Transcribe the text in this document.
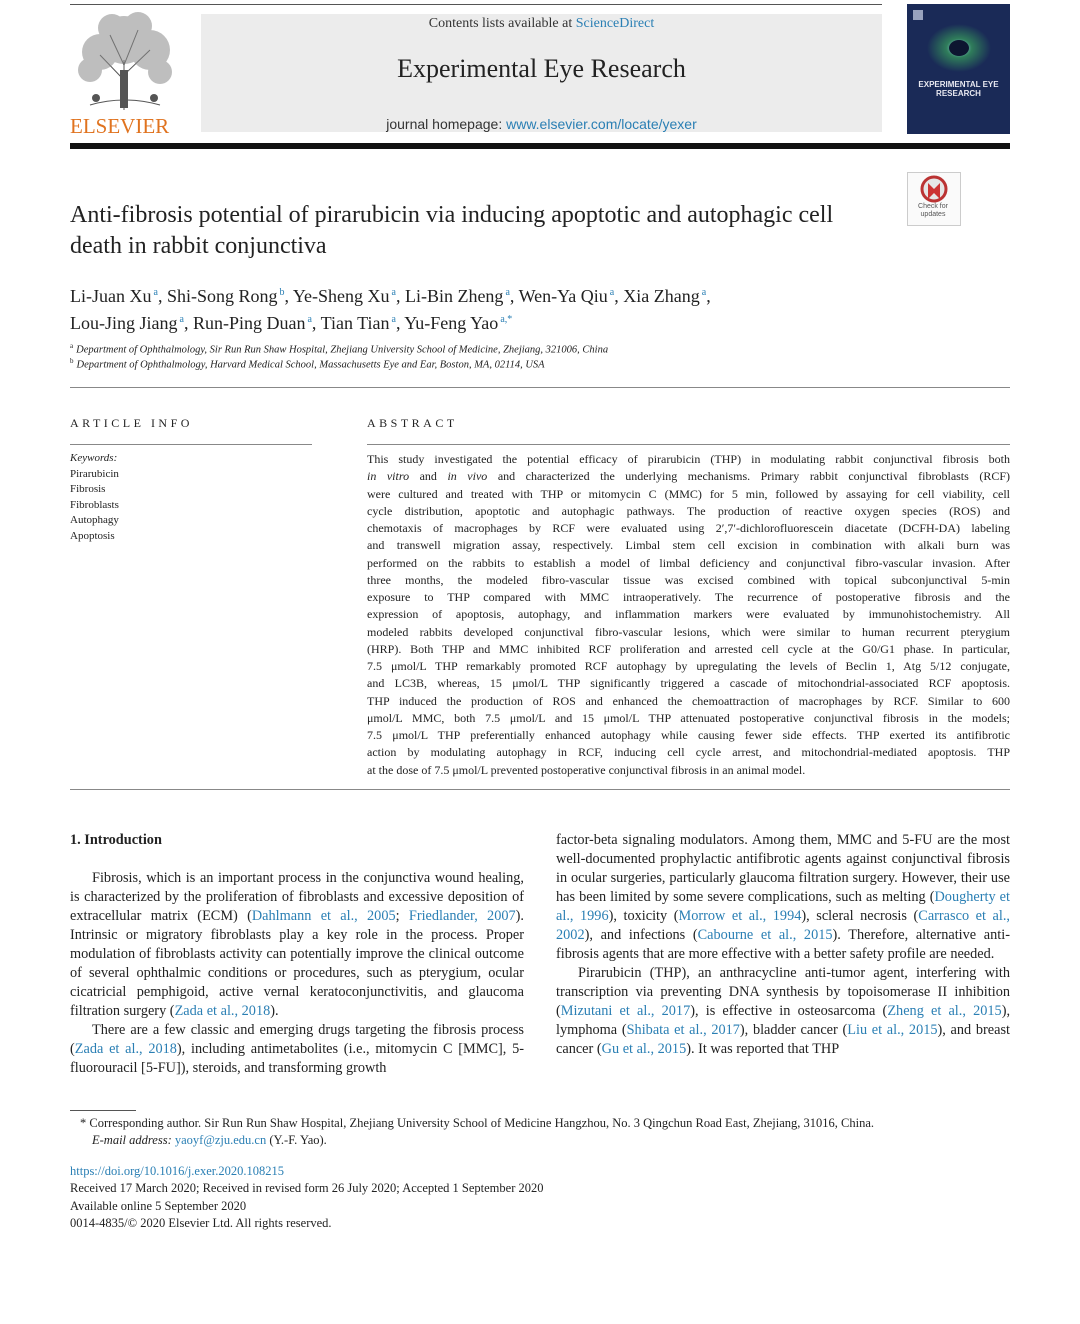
ELSEVIER
Contents lists available at ScienceDirect
Experimental Eye Research
journal homepage: www.elsevier.com/locate/yexer
EXPERIMENTAL EYE RESEARCH
Check for updates
Anti-fibrosis potential of pirarubicin via inducing apoptotic and autophagic cell death in rabbit conjunctiva
Li-Juan Xu $^a$, Shi-Song Rong $^b$, Ye-Sheng Xu $^a$, Li-Bin Zheng $^a$, Wen-Ya Qiu $^a$, Xia Zhang $^a$,
Lou-Jing Jiang $^a$, Run-Ping Duan $^a$, Tian Tian $^a$, Yu-Feng Yao $^{a,*}$
$^a$ Department of Ophthalmology, Sir Run Run Shaw Hospital, Zhejiang University School of Medicine, Zhejiang, 321006, China
$^b$ Department of Ophthalmology, Harvard Medical School, Massachusetts Eye and Ear, Boston, MA, 02114, USA
ARTICLE INFO	ABSTRACT
Keywords:
Pirarubicin
Fibrosis
Fibroblasts
Autophagy
Apoptosis
This study investigated the potential efficacy of pirarubicin (THP) in modulating rabbit conjunctival fibrosis both
in vitro and in vivo and characterized the underlying mechanisms. Primary rabbit conjunctival fibroblasts (RCF)
were cultured and treated with THP or mitomycin C (MMC) for 5 min, followed by assaying for cell viability, cell
cycle distribution, apoptotic and autophagic pathways. The production of reactive oxygen species (ROS) and
chemotaxis of macrophages by RCF were evaluated using 2′,7′-dichlorofluorescein diacetate (DCFH-DA) labeling
and transwell migration assay, respectively. Limbal stem cell excision in combination with alkali burn was
performed on the rabbits to establish a model of limbal deficiency and conjunctival fibro-vascular invasion. After
three months, the modeled fibro-vascular tissue was excised combined with topical subconjunctival 5-min
exposure to THP compared with MMC intraoperatively. The recurrence of postoperative fibrosis and the
expression of apoptosis, autophagy, and inflammation markers were evaluated by immunohistochemistry. All
modeled rabbits developed conjunctival fibro-vascular lesions, which were similar to human recurrent pterygium
(HRP). Both THP and MMC inhibited RCF proliferation and arrested cell cycle at the G0/G1 phase. In particular,
7.5 μmol/L THP remarkably promoted RCF autophagy by upregulating the levels of Beclin 1, Atg 5/12 conjugate,
and LC3B, whereas, 15 μmol/L THP significantly triggered a cascade of mitochondrial-associated RCF apoptosis.
THP induced the production of ROS and enhanced the chemoattraction of macrophages by RCF. Similar to 600
μmol/L MMC, both 7.5 μmol/L and 15 μmol/L THP attenuated postoperative conjunctival fibrosis in the models;
7.5 μmol/L THP preferentially enhanced autophagy while causing fewer side effects. THP exerted its antifibrotic
action by modulating autophagy in RCF, inducing cell cycle arrest, and mitochondrial-mediated apoptosis. THP
at the dose of 7.5 μmol/L prevented postoperative conjunctival fibrosis in an animal model.
1. Introduction

Fibrosis, which is an important process in the conjunctiva wound healing, is characterized by the proliferation of fibroblasts and excessive deposition of extracellular matrix (ECM) (Dahlmann et al., 2005; Friedlander, 2007). Intrinsic or migratory fibroblasts play a key role in the process. Proper modulation of fibroblasts activity can potentially improve the clinical outcome of several ophthalmic conditions or procedures, such as pterygium, ocular cicatricial pemphigoid, active vernal keratoconjunctivitis, and glaucoma filtration surgery (Zada et al., 2018).

There are a few classic and emerging drugs targeting the fibrosis process (Zada et al., 2018), including antimetabolites (i.e., mitomycin C [MMC], 5-fluorouracil [5-FU]), steroids, and transforming growth

factor-beta signaling modulators. Among them, MMC and 5-FU are the most well-documented prophylactic antifibrotic agents against conjunctival fibrosis in ocular surgeries, particularly glaucoma filtration surgery. However, their use has been limited by some severe complications, such as melting (Dougherty et al., 1996), toxicity (Morrow et al., 1994), scleral necrosis (Carrasco et al., 2002), and infections (Cabourne et al., 2015). Therefore, alternative anti-fibrosis agents that are more effective with a better safety profile are needed.

Pirarubicin (THP), an anthracycline anti-tumor agent, interfering with transcription via preventing DNA synthesis by topoisomerase II inhibition (Mizutani et al., 2017), is effective in osteosarcoma (Zheng et al., 2015), lymphoma (Shibata et al., 2017), bladder cancer (Liu et al., 2015), and breast cancer (Gu et al., 2015). It was reported that THP

* Corresponding author. Sir Run Run Shaw Hospital, Zhejiang University School of Medicine Hangzhou, No. 3 Qingchun Road East, Zhejiang, 31016, China.
E-mail address: yaoyf@zju.edu.cn (Y.-F. Yao).
https://doi.org/10.1016/j.exer.2020.108215
Received 17 March 2020; Received in revised form 26 July 2020; Accepted 1 September 2020
Available online 5 September 2020
0014-4835/© 2020 Elsevier Ltd. All rights reserved.
